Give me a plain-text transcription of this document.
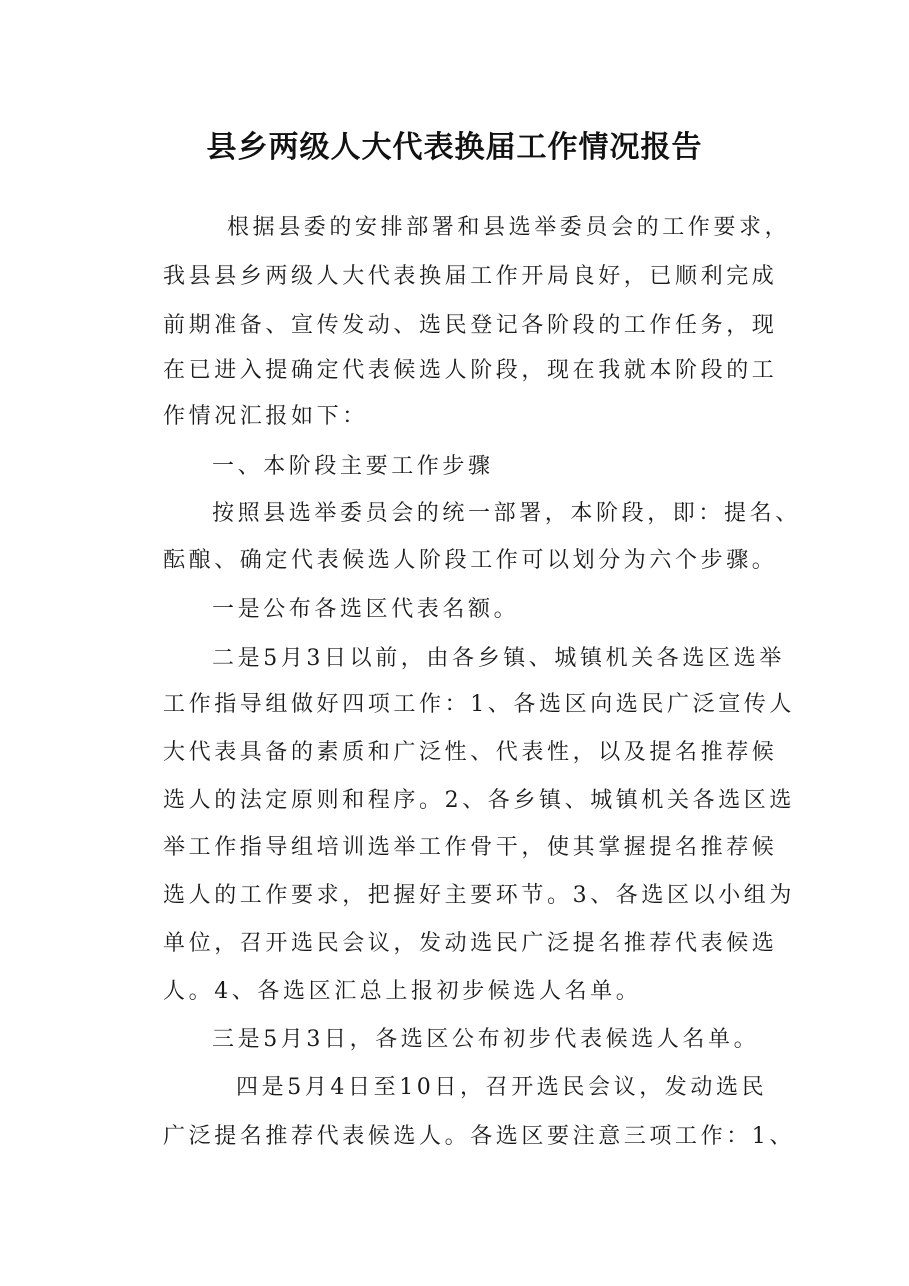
县乡两级人大代表换届工作情况报告
根据县委的安排部署和县选举委员会的工作要求，
我县县乡两级人大代表换届工作开局良好，已顺利完成
前期准备、宣传发动、选民登记各阶段的工作任务，现
在已进入提确定代表候选人阶段，现在我就本阶段的工
作情况汇报如下：
一、本阶段主要工作步骤
按照县选举委员会的统一部署，本阶段，即：提名、
酝酿、确定代表候选人阶段工作可以划分为六个步骤。
一是公布各选区代表名额。
二是5月3日以前，由各乡镇、城镇机关各选区选举
工作指导组做好四项工作：1、各选区向选民广泛宣传人
大代表具备的素质和广泛性、代表性，以及提名推荐候
选人的法定原则和程序。2、各乡镇、城镇机关各选区选
举工作指导组培训选举工作骨干，使其掌握提名推荐候
选人的工作要求，把握好主要环节。3、各选区以小组为
单位，召开选民会议，发动选民广泛提名推荐代表候选
人。4、各选区汇总上报初步候选人名单。
三是5月3日，各选区公布初步代表候选人名单。
四是5月4日至10日，召开选民会议，发动选民
广泛提名推荐代表候选人。各选区要注意三项工作：1、
